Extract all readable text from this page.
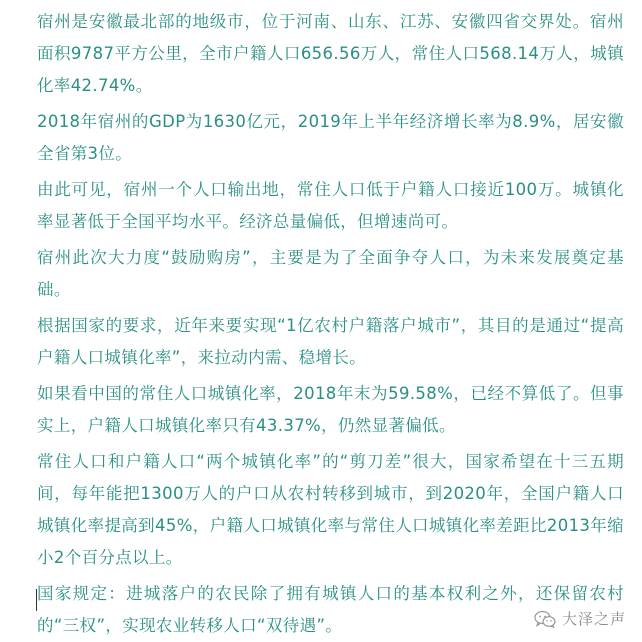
宿州是安徽最北部的地级市，位于河南、山东、江苏、安徽四省交界处。宿州面积9787平方公里，全市户籍人口656.56万人，常住人口568.14万人，城镇化率42.74%。

2018年宿州的GDP为1630亿元，2019年上半年经济增长率为8.9%，居安徽全省第3位。

由此可见，宿州一个人口输出地，常住人口低于户籍人口接近100万。城镇化率显著低于全国平均水平。经济总量偏低，但增速尚可。

宿州此次大力度“鼓励购房”，主要是为了全面争夺人口，为未来发展奠定基础。

根据国家的要求，近年来要实现“1亿农村户籍落户城市”，其目的是通过“提高户籍人口城镇化率”，来拉动内需、稳增长。

如果看中国的常住人口城镇化率，2018年末为59.58%，已经不算低了。但事实上，户籍人口城镇化率只有43.37%，仍然显著偏低。

常住人口和户籍人口“两个城镇化率”的“剪刀差”很大，国家希望在十三五期间，每年能把1300万人的户口从农村转移到城市，到2020年，全国户籍人口城镇化率提高到45%，户籍人口城镇化率与常住人口城镇化率差距比2013年缩小2个百分点以上。

国家规定：进城落户的农民除了拥有城镇人口的基本权利之外，还保留农村的“三权”，实现农业转移人口“双待遇”。	大泽之声
